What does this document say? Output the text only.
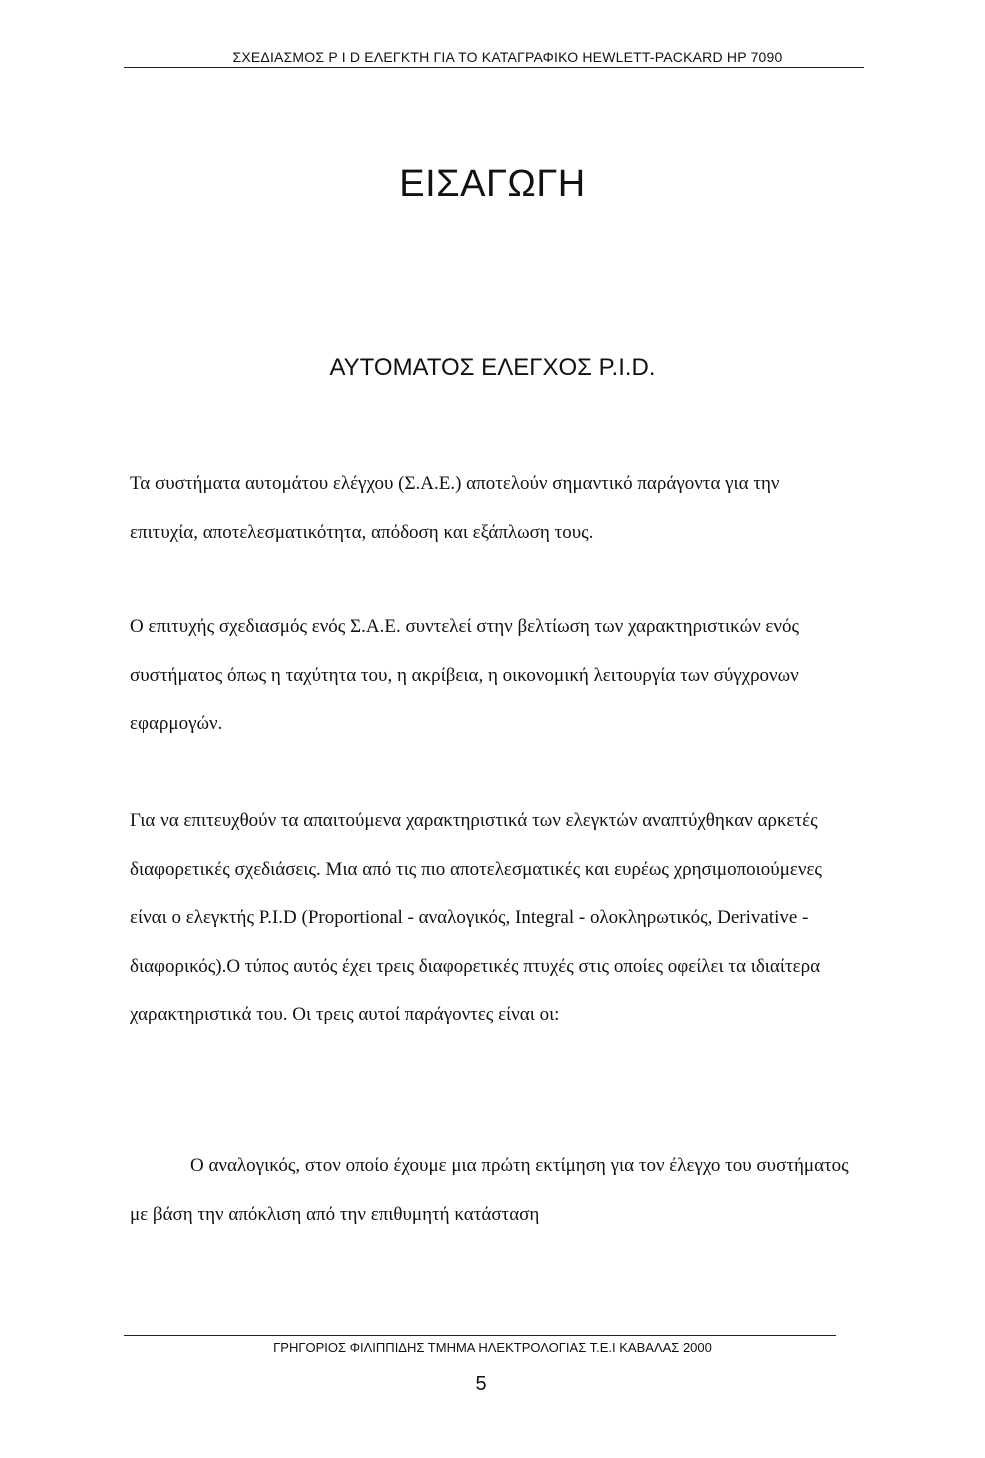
ΣΧΕΔΙΑΣΜΟΣ P I D ΕΛΕΓΚΤΗ ΓΙΑ ΤΟ ΚΑΤΑΓΡΑΦΙΚΟ HEWLETT-PACKARD HP 7090
ΕΙΣΑΓΩΓΗ
ΑΥΤΟΜΑΤΟΣ ΕΛΕΓΧΟΣ P.I.D.

Τα συστήματα αυτομάτου ελέγχου (Σ.Α.Ε.) αποτελούν σημαντικό παράγοντα για την επιτυχία, αποτελεσματικότητα, απόδοση και εξάπλωση τους.

Ο επιτυχής σχεδιασμός ενός Σ.Α.Ε. συντελεί στην βελτίωση των χαρακτηριστικών ενός συστήματος όπως η ταχύτητα του, η ακρίβεια, η οικονομική λειτουργία των σύγχρονων εφαρμογών.

Για να επιτευχθούν τα απαιτούμενα χαρακτηριστικά των ελεγκτών αναπτύχθηκαν αρκετές διαφορετικές σχεδιάσεις. Μια από τις πιο αποτελεσματικές και ευρέως χρησιμοποιούμενες είναι ο ελεγκτής P.I.D (Proportional - αναλογικός, Integral - ολοκληρωτικός, Derivative - διαφορικός).Ο τύπος αυτός έχει τρεις διαφορετικές πτυχές στις οποίες οφείλει τα ιδιαίτερα χαρακτηριστικά του. Οι τρεις αυτοί παράγοντες είναι οι:

Ο αναλογικός, στον οποίο έχουμε μια πρώτη εκτίμηση για τον έλεγχο του συστήματος με βάση την απόκλιση από την επιθυμητή κατάσταση

ΓΡΗΓΟΡΙΟΣ ΦΙΛΙΠΠΙΔΗΣ ΤΜΗΜΑ ΗΛΕΚΤΡΟΛΟΓΙΑΣ Τ.Ε.Ι ΚΑΒΑΛΑΣ 2000
5
